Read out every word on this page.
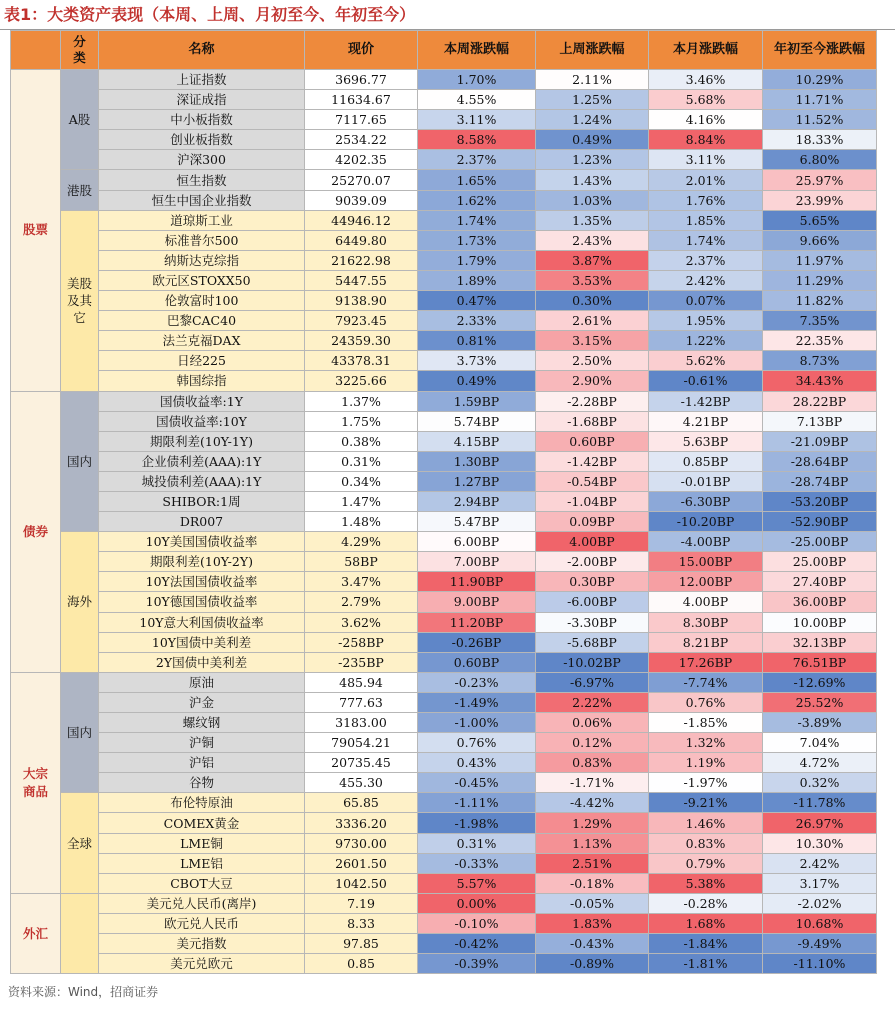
表1：大类资产表现（本周、上周、月初至今、年初至今）
	分类	名称	现价	本周涨跌幅	上周涨跌幅	本月涨跌幅	年初至今涨跌幅
股票	A股	上证指数	3696.77	1.70%	2.11%	3.46%	10.29%
		深证成指	11634.67	4.55%	1.25%	5.68%	11.71%
		中小板指数	7117.65	3.11%	1.24%	4.16%	11.52%
		创业板指数	2534.22	8.58%	0.49%	8.84%	18.33%
		沪深300	4202.35	2.37%	1.23%	3.11%	6.80%
	港股	恒生指数	25270.07	1.65%	1.43%	2.01%	25.97%
		恒生中国企业指数	9039.09	1.62%	1.03%	1.76%	23.99%
	美股及其它	道琼斯工业	44946.12	1.74%	1.35%	1.85%	5.65%
		标准普尔500	6449.80	1.73%	2.43%	1.74%	9.66%
		纳斯达克综指	21622.98	1.79%	3.87%	2.37%	11.97%
		欧元区STOXX50	5447.55	1.89%	3.53%	2.42%	11.29%
		伦敦富时100	9138.90	0.47%	0.30%	0.07%	11.82%
		巴黎CAC40	7923.45	2.33%	2.61%	1.95%	7.35%
		法兰克福DAX	24359.30	0.81%	3.15%	1.22%	22.35%
		日经225	43378.31	3.73%	2.50%	5.62%	8.73%
		韩国综指	3225.66	0.49%	2.90%	-0.61%	34.43%
债券	国内	国债收益率:1Y	1.37%	1.59BP	-2.28BP	-1.42BP	28.22BP
		国债收益率:10Y	1.75%	5.74BP	-1.68BP	4.21BP	7.13BP
		期限利差(10Y-1Y)	0.38%	4.15BP	0.60BP	5.63BP	-21.09BP
		企业债利差(AAA):1Y	0.31%	1.30BP	-1.42BP	0.85BP	-28.64BP
		城投债利差(AAA):1Y	0.34%	1.27BP	-0.54BP	-0.01BP	-28.74BP
		SHIBOR:1周	1.47%	2.94BP	-1.04BP	-6.30BP	-53.20BP
		DR007	1.48%	5.47BP	0.09BP	-10.20BP	-52.90BP
	海外	10Y美国国债收益率	4.29%	6.00BP	4.00BP	-4.00BP	-25.00BP
		期限利差(10Y-2Y)	58BP	7.00BP	-2.00BP	15.00BP	25.00BP
		10Y法国国债收益率	3.47%	11.90BP	0.30BP	12.00BP	27.40BP
		10Y德国国债收益率	2.79%	9.00BP	-6.00BP	4.00BP	36.00BP
		10Y意大利国债收益率	3.62%	11.20BP	-3.30BP	8.30BP	10.00BP
		10Y国债中美利差	-258BP	-0.26BP	-5.68BP	8.21BP	32.13BP
		2Y国债中美利差	-235BP	0.60BP	-10.02BP	17.26BP	76.51BP
大宗商品	国内	原油	485.94	-0.23%	-6.97%	-7.74%	-12.69%
		沪金	777.63	-1.49%	2.22%	0.76%	25.52%
		螺纹钢	3183.00	-1.00%	0.06%	-1.85%	-3.89%
		沪铜	79054.21	0.76%	0.12%	1.32%	7.04%
		沪铝	20735.45	0.43%	0.83%	1.19%	4.72%
		谷物	455.30	-0.45%	-1.71%	-1.97%	0.32%
	全球	布伦特原油	65.85	-1.11%	-4.42%	-9.21%	-11.78%
		COMEX黄金	3336.20	-1.98%	1.29%	1.46%	26.97%
		LME铜	9730.00	0.31%	1.13%	0.83%	10.30%
		LME铝	2601.50	-0.33%	2.51%	0.79%	2.42%
		CBOT大豆	1042.50	5.57%	-0.18%	5.38%	3.17%
外汇		美元兑人民币(离岸)	7.19	0.00%	-0.05%	-0.28%	-2.02%
		欧元兑人民币	8.33	-0.10%	1.83%	1.68%	10.68%
		美元指数	97.85	-0.42%	-0.43%	-1.84%	-9.49%
		美元兑欧元	0.85	-0.39%	-0.89%	-1.81%	-11.10%
资料来源：Wind，招商证券
